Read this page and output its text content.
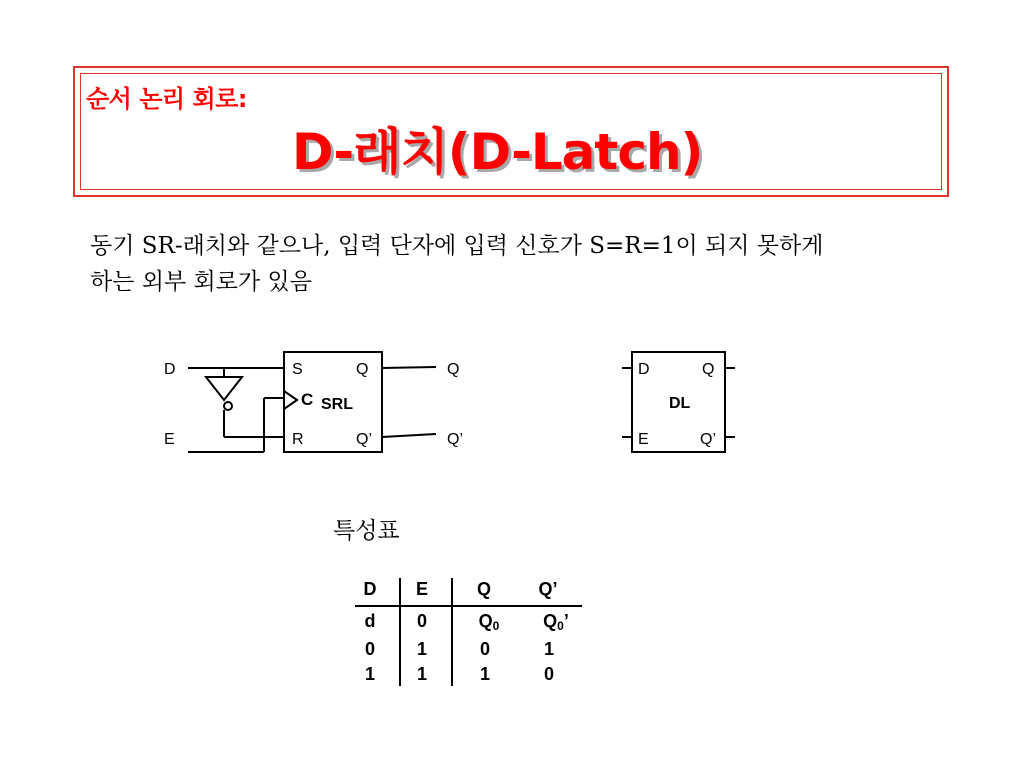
순서 논리 회로:
D-래치(D-Latch)

동기 SR-래치와 같으나, 입력 단자에 입력 신호가 S=R=1이 되지 못하게

하는 외부 회로가 있음

D
E
S
C SRL
R
Q
Q’
Q
Q’
D
E
Q
Q’
DL
특성표
D	E	Q	Q’
d	0	$Q_0$	$Q_0$’
0	1	0	1
1	1	1	0
